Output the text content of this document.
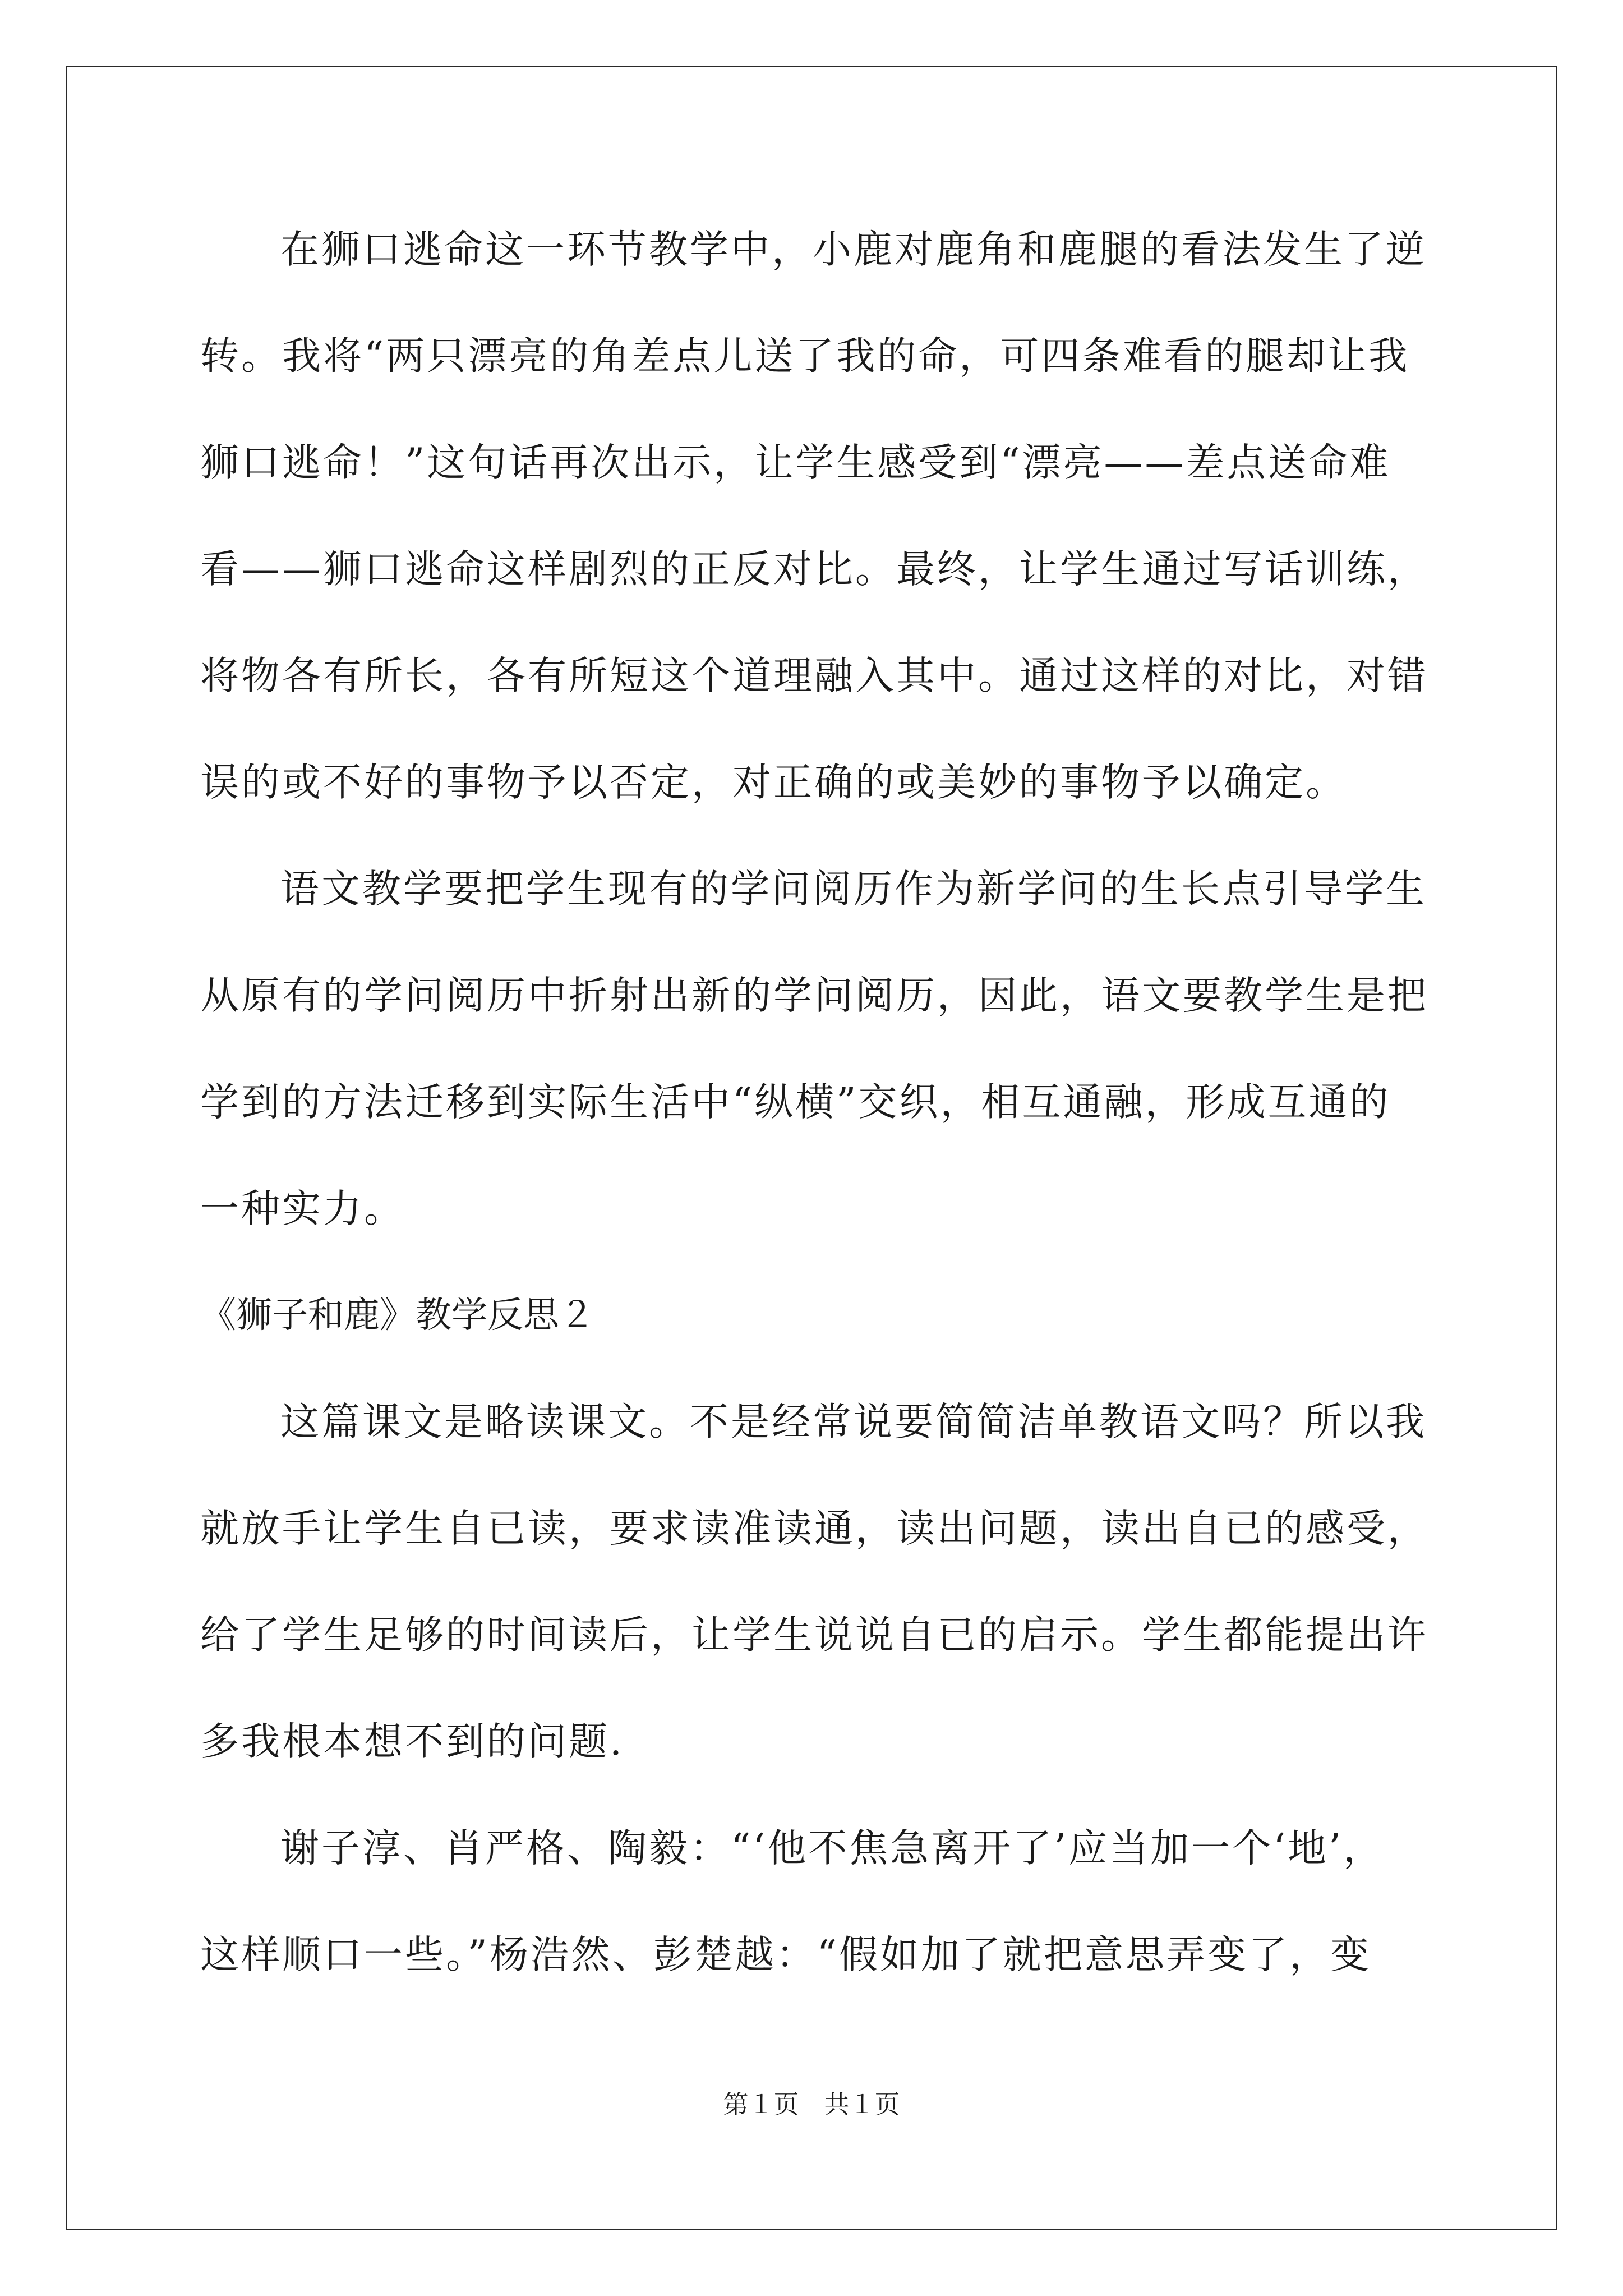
在狮口逃命这一环节教学中，小鹿对鹿角和鹿腿的看法发生了逆
转。我将“两只漂亮的角差点儿送了我的命，可四条难看的腿却让我
狮口逃命！”这句话再次出示，让学生感受到“漂亮——差点送命难
看——狮口逃命这样剧烈的正反对比。最终，让学生通过写话训练，
将物各有所长，各有所短这个道理融入其中。通过这样的对比，对错
误的或不好的事物予以否定，对正确的或美妙的事物予以确定。
语文教学要把学生现有的学问阅历作为新学问的生长点引导学生
从原有的学问阅历中折射出新的学问阅历，因此，语文要教学生是把
学到的方法迁移到实际生活中“纵横”交织，相互通融，形成互通的
一种实力。
《狮子和鹿》教学反思２
这篇课文是略读课文。不是经常说要简简洁单教语文吗？所以我
就放手让学生自已读，要求读准读通，读出问题，读出自已的感受，
给了学生足够的时间读后，让学生说说自已的启示。学生都能提出许
多我根本想不到的问题.
谢子淳、肖严格、陶毅：“‘他不焦急离开了’应当加一个‘地’，
这样顺口一些。”杨浩然、彭楚越：“假如加了就把意思弄变了，变
第１页　共１页
